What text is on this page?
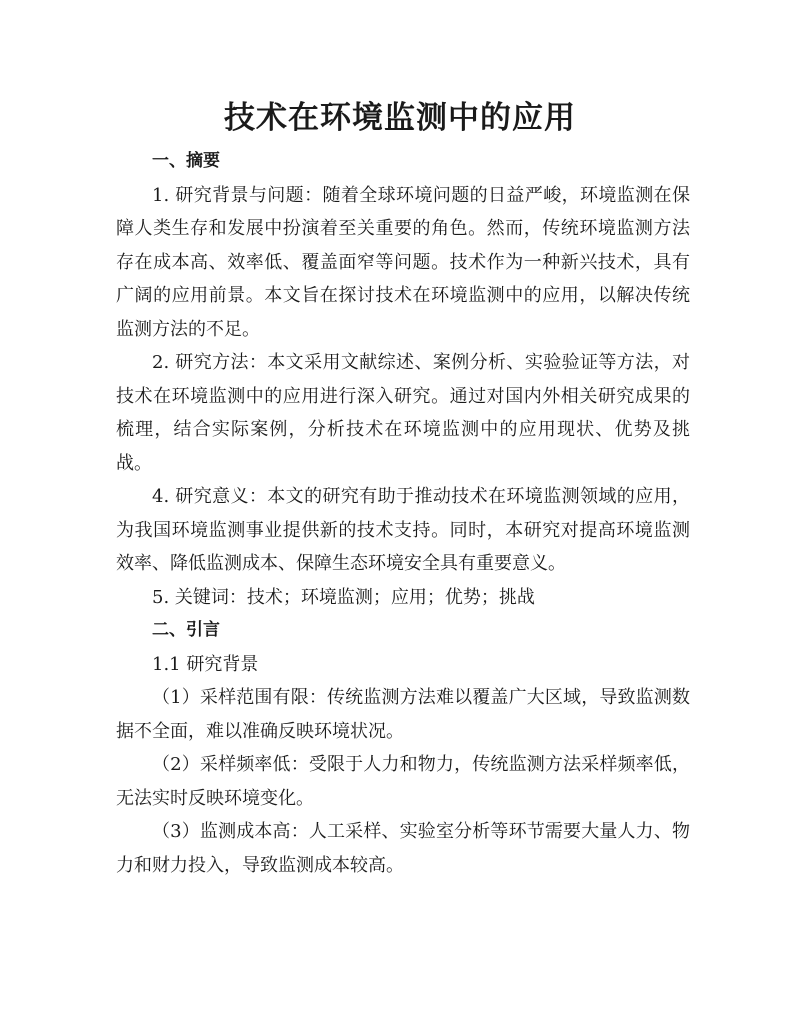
技术在环境监测中的应用

一、摘要

1. 研究背景与问题：随着全球环境问题的日益严峻，环境监测在保障人类生存和发展中扮演着至关重要的角色。然而，传统环境监测方法存在成本高、效率低、覆盖面窄等问题。技术作为一种新兴技术，具有广阔的应用前景。本文旨在探讨技术在环境监测中的应用，以解决传统监测方法的不足。

2. 研究方法：本文采用文献综述、案例分析、实验验证等方法，对技术在环境监测中的应用进行深入研究。通过对国内外相关研究成果的梳理，结合实际案例，分析技术在环境监测中的应用现状、优势及挑战。

4. 研究意义：本文的研究有助于推动技术在环境监测领域的应用，为我国环境监测事业提供新的技术支持。同时，本研究对提高环境监测效率、降低监测成本、保障生态环境安全具有重要意义。

5. 关键词：技术；环境监测；应用；优势；挑战

二、引言

1.1 研究背景

（1）采样范围有限：传统监测方法难以覆盖广大区域，导致监测数据不全面，难以准确反映环境状况。

（2）采样频率低：受限于人力和物力，传统监测方法采样频率低，无法实时反映环境变化。

（3）监测成本高：人工采样、实验室分析等环节需要大量人力、物力和财力投入，导致监测成本较高。
